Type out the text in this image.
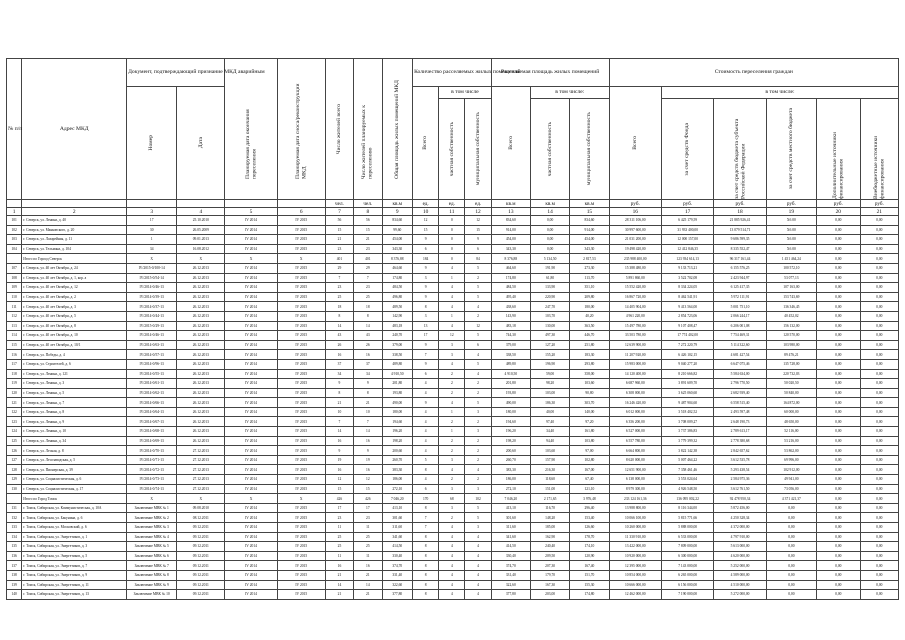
№ п/п	Адрес МКД	Документ, подтверждающий признание МКД аварийным		Планируемая дата окончания переселения	Планируемая дата сноса/реконструкции МКД	Число жителей всего	Число жителей планируемых к переселению	Общая площадь жилых помещений МКД	Количество расселяемых жилых помещений			Расселяемая площадь жилых помещений			Стоимость переселения граждан					

		Номер	Дата						Всего	в том числе		Всего	в том числе:		Всего	в том числе:				

										частная собственность	муниципальная собственность		частная собственность	муниципальная собственность		за счет средств Фонда	за счет средств бюджета субъекта Российской Федерации	за счет средств местного бюджета	Дополнительные источники финансирования	Внебюджетные источники финансирования

						чел.	чел.	кв.м	ед.	ед.	ед.	кв.м	кв.м	кв.м	руб.	руб.	руб.	руб.	руб.	руб.
1	2	3	4	5	6	7	8	9	10	11	12	13	14	15	16	17	18	19	20	21
101	г. Северск, ул. Ленина, д. 40	17	25.10.2010	IV 2014	IV 2015	56	56	834,60	12	0	12	834,60	0,00	834,60	28 311 106,00	6 425 179,59	21 885 926,41	Хб.00	0,00	0,00
102	г. Северск, ул. Маяковского, д. 20	30	26.05.2009	IV 2014	IV 2015	15	15	99,60	15	0	15	914,00	0,00	914,00	30 997 600,00	31 933 400,00	13 079 514,71	Хб.00	0,00	0,00
103	г. Северск, ул. Лазарейная, д. 11	1	09.01.2013	IV 2014	IV 2015	21	21	454,00	9	0	9	454,00	0,00	454,00	21 031 200,00	12 000 157,00	9 686 599,35	Хб.00	0,00	0,00
104	г. Северск, ул. Тельмана, д. 104	34	16.08.2012	IV 2014	IV 2015	23	23	343,30	6	0	6	343,30	0,00	343,30	19 498 420,00	12 412 846,35	8 335 552,47	Хб.00	0,00	0,00
	Итого по Гороод Северск	X	X	X	X	401	401	8 376,88	184	0	84	8 376,88	5 134,50	2 817,53	235 988 400,00	123 934 614,13	96 317 161,44	1 451 464,24	0,00	0,00
107	г. Северск, ул. 40 лет Октября, д. 24	IV/2015-0/100-14	26.12.2013	IV 2014	IV 2015	29	29	464,60	9	4	5	464,60	191,90	273,30	15 388 480,00	9 133 713,21	6 155 576,25	100 572,10	0,00	0,00
108	г. Северск, ул. 40 лет Октября, д. 1, кор. а	IV/2015-0/54-14	26.12.2013	IV 2014	IV 2015	7	7	174,80	3	1	2	174,80	61,80	113,70	5 891 860,00	3 522 702,08	2 423 944,97	53 077,13	0,00	0,00
109	г. Северск, ул. 40 лет Октября, д. 12	IV/2014-0/46-13	26.12.2013	IV 2014	IV 2015	23	23	484,50	9	4	5	484,50	133,90	351,10	15 552 420,00	8 334 224,05	6 125 417,35	107 163,00	0,00	0,00
110	г. Северск, ул. 40 лет Октября, д. 2	IV/2014-0/39-13	26.12.2013	IV 2014	IV 2015	25	25	496,80	9	4	5	495,40	220,90	209,80	16 867 720,00	8 462 541,91	5 972 111,91	153 743,69	0,00	0,00
111	г. Северск, ул. 40 лет Октября, д. 3	IV/2014-0/37-13	26.12.2013	IV 2014	IV 2015	18	18	489,50	8	4	4	438,60	247,70	180,00	14 405 904,00	9 413 564,00	5 001 751,10	136 346,45	0,00	0,00
112	г. Северск, ул. 40 лет Октября, д. 5	IV/2014-0/44-13	26.12.2013	IV 2014	IV 2015	8	8	142,90	3	1	2	143,90	103,70	40,20	4 961 220,00	2 854 723,06	2 066 244,17	40 452,02	0,00	0,00
113	г. Северск, ул. 40 лет Октября, д. 8	IV/2015-0/29-13	26.12.2013	IV 2014	IV 2015	14	14	483,18	13	4	12	483,18	130,00	363,50	15 497 780,00	9 107 408,47	6 206 001,08	156 132,00	0,00	0,00
114	г. Северск, ул. 40 лет Октября, д. 10	IV/2014-0/46-13	26.12.2013	IV 2014	IV 2015	43	43	240,70	17	12	5	744,30	497,30	446,70	33 503 780,00	17 774 402,00	7 754 469,31	120 570,00	0,00	0,00
115	г. Северск, ул. 40 лет Октября, д. 10/1	IV/2014-0/63-13	26.12.2013	IV 2014	IV 2015	26	26	379,00	9	3	6	379,00	127,20	251,80	12 639 900,00	7 272 220,79	5 114 322,60	103 980,00	0,00	0,00
116	г. Северск, ул. Победы, д. 4	IV/2014-0/57-13	26.12.2013	IV 2014	IV 2015	16	16	338,50	7	3	4	338,50	155,20	183,30	11 207 920,00	6 426 102,15	4 681 427,54	89 476,21	0,00	0,00
117	г. Северск, ул. Строителей, д. 6	IV/2014-0/96-13	26.12.2013	IV 2014	IV 2015	37	37	489,80	9	4	5	489,80	196,90	293,80	15 983 000,00	9 040 277,20	6 647 075,46	135 728,00	0,00	0,00
118	г. Северск, ул. Ленина, д. 121	IV/2014-0/55-13	26.12.2013	IV 2014	IV 2015	34	34	4 910,50	6	2	4	4 910,50	59,00	358,00	14 120 400,00	8 210 666,82	5 584 634,00	220 732,03	0,00	0,00
119	г. Северск, ул. Ленина, д. 3	IV/2014-0/61-13	26.12.2013	IV 2014	IV 2015	9	9	201,80	4	2	2	201,80	98,20	103,60	6 687 960,00	3 891 609,70	2 796 770,50	50 020,50	0,00	0,00
120	г. Северск, ул. Ленина, д. 5	IV/2014-0/62-13	26.12.2013	IV 2014	IV 2015	8	8	193,80	4	2	2	193,80	103,00	90,80	6 308 000,00	3 625 060,60	2 682 939,40	50 840,00	0,00	0,00
121	г. Северск, ул. Ленина, д. 7	IV/2014-0/66-13	26.12.2013	IV 2014	IV 2015	21	21	490,00	9	4	5	490,00	186,30	303,70	16 246 420,00	9 487 904,60	6 558 515,40	164 872,00	0,00	0,00
122	г. Северск, ул. Ленина, д. 8	IV/2014-0/64-13	26.12.2013	IV 2014	IV 2015	10	10	180,00	4	1	3	180,00	40,00	140,00	6 012 000,00	3 518 402,52	2 493 597,48	60 000,00	0,00	0,00
123	г. Северск, ул. Ленина, д. 9	IV/2014-0/67-13	26.12.2013	IV 2014	IV 2015	7	7	194,60	4	2	2	194,60	97,40	97,20	6 356 200,00	3 708 009,27	2 648 190,73	48 650,00	0,00	0,00
124	г. Северск, ул. Ленина, д. 10	IV/2014-0/68-13	26.12.2013	IV 2014	IV 2015	14	14	196,20	4	1	3	196,20	34,40	161,80	6 527 000,00	3 737 386,83	2 789 613,17	52 116,00	0,00	0,00
125	г. Северск, ул. Ленина, д. 34	IV/2014-0/69-13	26.12.2013	IV 2014	IV 2015	16	16	198,20	4	2	2	198,20	94,40	103,80	6 557 780,00	3 779 399,32	2 778 380,68	53 216,00	0,00	0,00
126	г. Северск, ул. Лесная, д. 8	IV/2014-0/70-13	27.12.2013	IV 2014	IV 2015	9	9	200,60	4	2	2	200,60	103,60	97,00	6 664 800,00	3 822 142,38	2 842 657,62	53 862,00	0,00	0,00
127	г. Северск, ул. Лесозаводская, д. 5	IV/2014-0/71-13	27.12.2013	IV 2014	IV 2015	19	19	260,70	5	3	2	260,70	157,90	102,80	8 620 000,00	5 007 464,22	3 612 535,78	69 996,00	0,00	0,00
128	г. Северск, ул. Пионерская, д. 39	IV/2014-0/72-13	27.12.2013	IV 2014	IV 2015	16	16	383,30	8	4	4	383,30	216,30	167,00	12 651 900,00	7 358 461,46	5 293 438,54	102 912,00	0,00	0,00
129	г. Северск, ул. Социалистическая, д. 6	IV/2014-0/73-13	27.12.2013	IV 2014	IV 2015	12	12	186,00	4	2	2	186,00	118,60	67,40	6 138 000,00	3 553 024,64	2 584 975,36	49 941,00	0,00	0,00
130	г. Северск, ул. Социалистическая, д. 17	IV/2014-0/74-13	27.12.2013	IV 2014	IV 2015	15	15	272,10	6	3	3	272,10	151,00	121,10	8 979 300,00	4 926 548,50	3 612 761,50	73 056,00	0,00	0,00
	Итого по Город Томск	X	X	X	X	426	426	7 046,20	170	68	102	7 046,20	2 171,65	3 976,48	233 124 161,36	136 095 002,22	92 478 950,34	4 371 421,37	0,00	0,00
131	г. Томск, Сибирская, ул. Коммунистическая, д. 10А	Заключение МВК № 1	09.08.2010	IV 2014	IV 2015	17	17	413,10	8	3	5	413,10	116,70	296,40	13 988 800,00	8 116 344,00	5 872 456,00	0,00	0,00	0,00
132	г. Томск, Сибирская, ул. Бакунина, д. 6	Заключение МВК № 2	08.12.2011	IV 2014	IV 2015	23	23	301,60	7	2	5	301,60	148,20	153,40	10 066 100,00	5 815 771,66	4 250 328,34	0,00	0,00	0,00
133	г. Томск, Сибирская, ул. Московский, д. 6	Заключение МВК № 3	09.12.2011	IV 2014	IV 2015	11	11	311,60	7	4	3	311,60	185,00	126,60	10 260 000,00	5 888 000,00	4 372 000,00	0,00	0,00	0,00
134	г. Томск, Сибирская, ул. Энергетиков, д. 1	Заключение МВК № 4	09.12.2011	IV 2014	IV 2015	25	25	341,60	8	4	4	341,60	162,90	178,70	11 330 910,00	6 533 000,00	4 797 910,00	0,00	0,00	0,00
135	г. Томск, Сибирская, ул. Энергетиков, д. 3	Заключение МВК № 5	09.12.2011	IV 2014	IV 2015	25	25	414,50	8	4	4	414,50	240,40	174,10	13 422 000,00	7 809 000,00	5 613 000,00	0,00	0,00	0,00
136	г. Томск, Сибирская, ул. Энергетиков, д. 5	Заключение МВК № 6	09.12.2011	IV 2014	IV 2015	11	11	330,40	8	4	4	330,40	209,50	120,90	10 920 000,00	6 300 000,00	4 620 000,00	0,00	0,00	0,00
137	г. Томск, Сибирская, ул. Энергетиков, д. 7	Заключение МВК № 7	09.12.2011	IV 2014	IV 2015	16	16	374,70	8	4	4	374,70	207,30	167,40	12 395 000,00	7 143 000,00	5 252 000,00	0,00	0,00	0,00
138	г. Томск, Сибирская, ул. Энергетиков, д. 9	Заключение МВК № 8	09.12.2011	IV 2014	IV 2015	21	21	331,40	8	4	4	331,40	179,70	151,70	10 854 000,00	6 265 000,00	4 589 000,00	0,00	0,00	0,00
139	г. Томск, Сибирская, ул. Энергетиков, д. 11	Заключение МВК № 9	09.12.2011	IV 2014	IV 2015	14	14	322,60	8	4	4	322,60	167,30	155,30	10 666 000,00	6 156 000,00	4 510 000,00	0,00	0,00	0,00
140	г. Томск, Сибирская, ул. Энергетиков, д. 13	Заключение МВК № 10	09.12.2011	IV 2014	IV 2015	21	21	377,80	8	4	4	377,80	203,00	174,80	12 462 000,00	7 190 000,00	5 272 000,00	0,00	0,00	0,00
